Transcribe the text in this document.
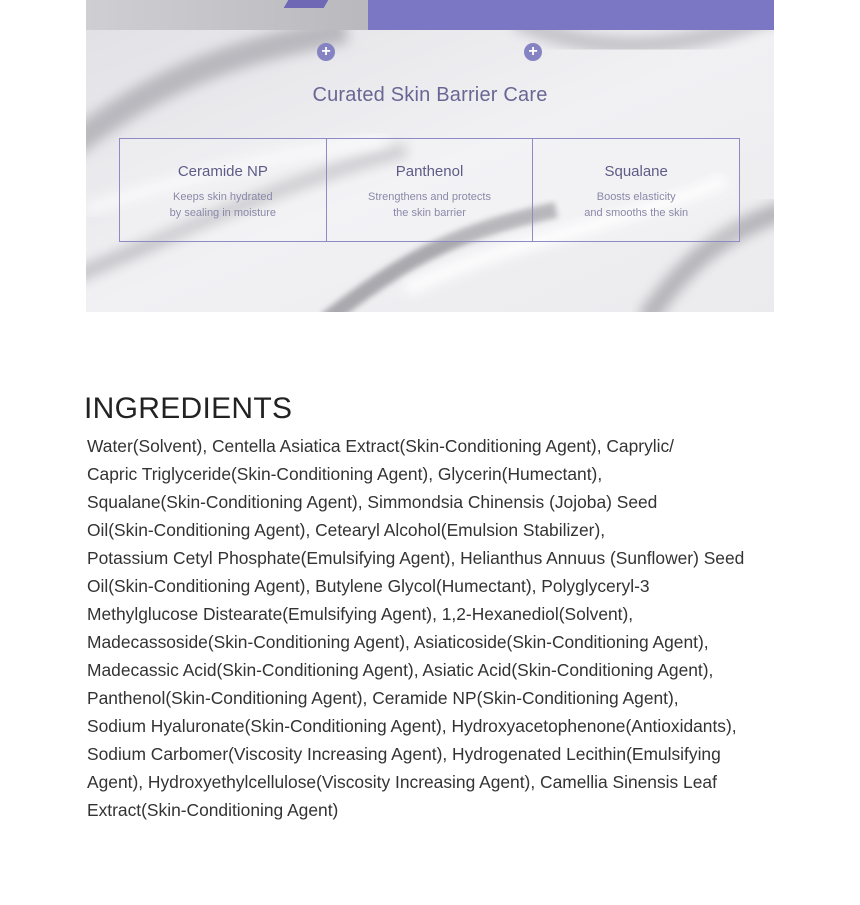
Curated Skin Barrier Care
Ceramide NP
Keeps skin hydrated
by sealing in moisture
Panthenol
Strengthens and protects
the skin barrier
Squalane
Boosts elasticity
and smooths the skin
+	+
INGREDIENTS

Water(Solvent), Centella Asiatica Extract(Skin-Conditioning Agent), Caprylic/
Capric Triglyceride(Skin-Conditioning Agent), Glycerin(Humectant),
Squalane(Skin-Conditioning Agent), Simmondsia Chinensis (Jojoba) Seed
Oil(Skin-Conditioning Agent), Cetearyl Alcohol(Emulsion Stabilizer),
Potassium Cetyl Phosphate(Emulsifying Agent), Helianthus Annuus (Sunflower) Seed
Oil(Skin-Conditioning Agent), Butylene Glycol(Humectant), Polyglyceryl-3
Methylglucose Distearate(Emulsifying Agent), 1,2-Hexanediol(Solvent),
Madecassoside(Skin-Conditioning Agent), Asiaticoside(Skin-Conditioning Agent),
Madecassic Acid(Skin-Conditioning Agent), Asiatic Acid(Skin-Conditioning Agent),
Panthenol(Skin-Conditioning Agent), Ceramide NP(Skin-Conditioning Agent),
Sodium Hyaluronate(Skin-Conditioning Agent), Hydroxyacetophenone(Antioxidants),
Sodium Carbomer(Viscosity Increasing Agent), Hydrogenated Lecithin(Emulsifying
Agent), Hydroxyethylcellulose(Viscosity Increasing Agent), Camellia Sinensis Leaf
Extract(Skin-Conditioning Agent)
